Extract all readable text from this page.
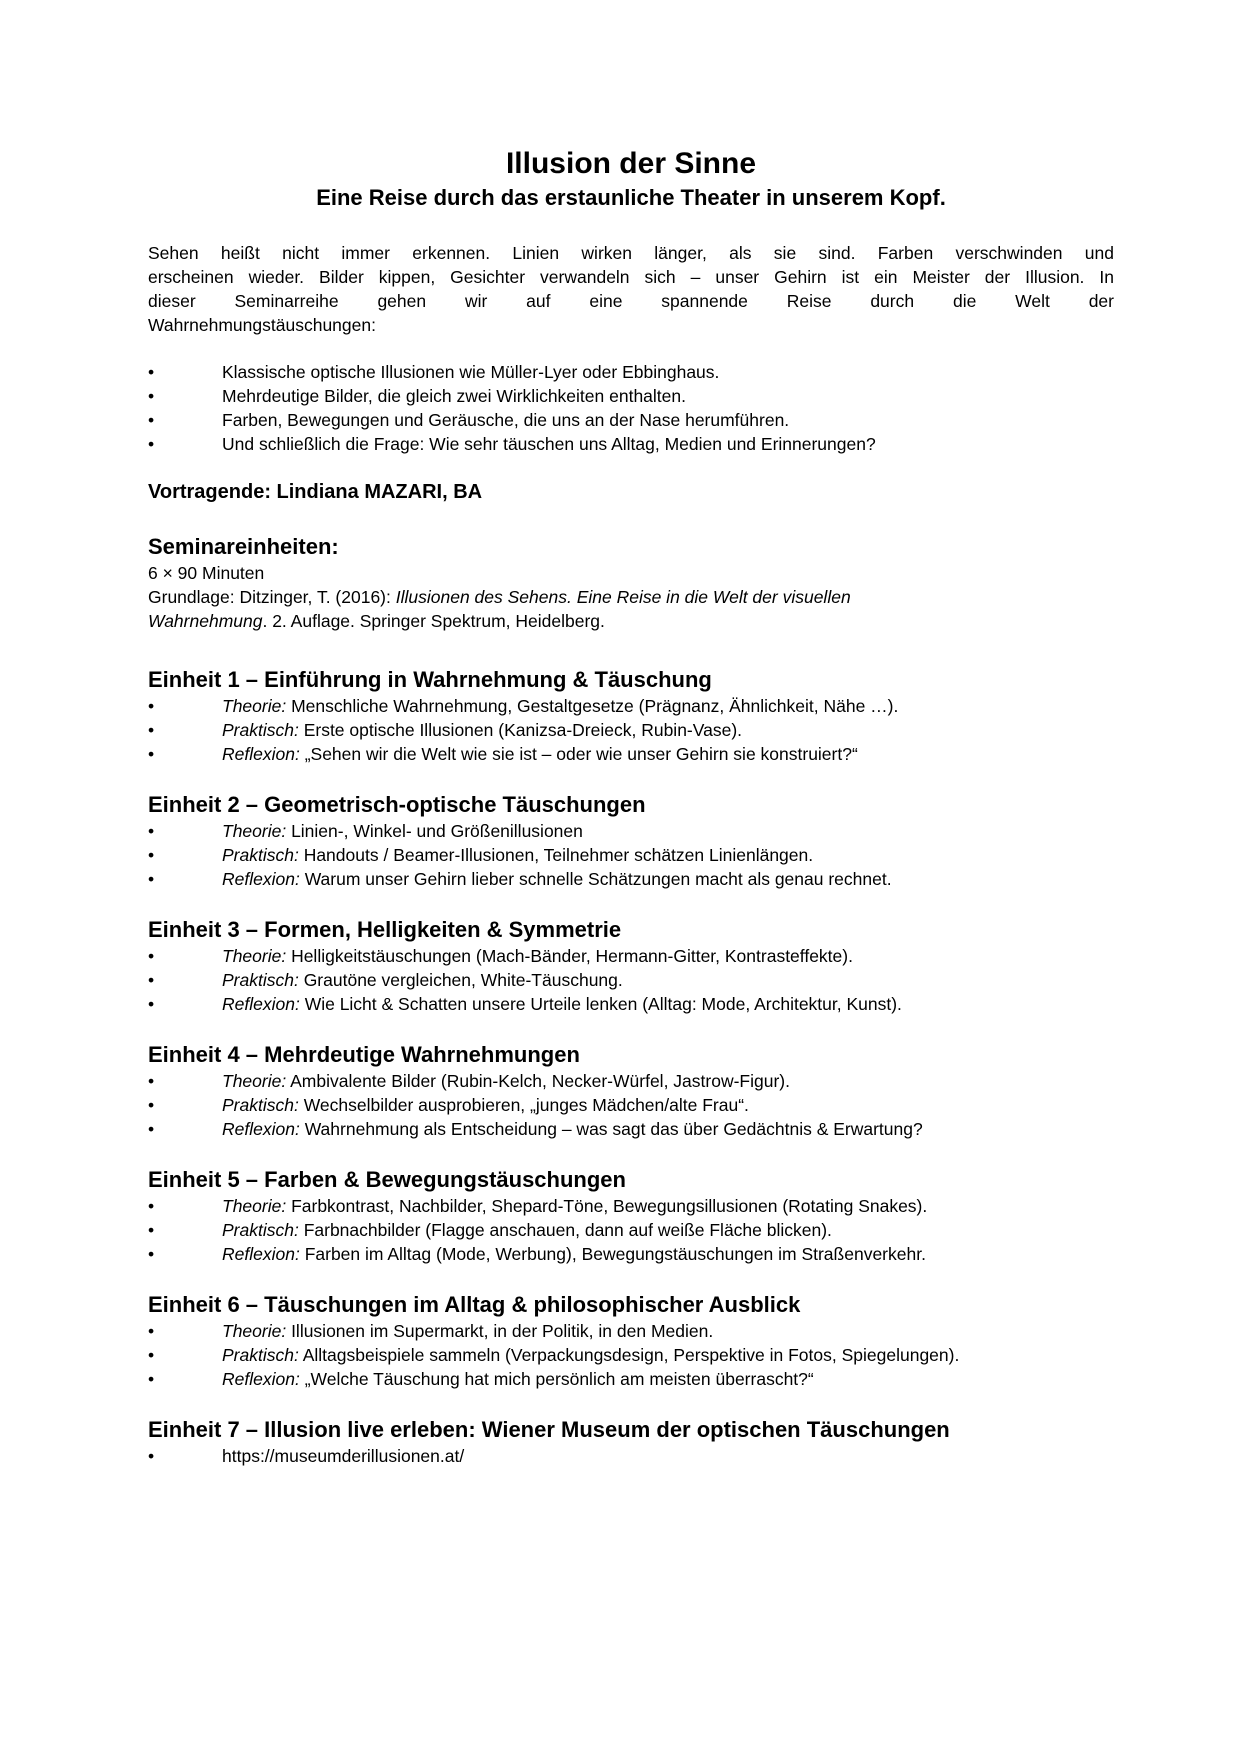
Illusion der Sinne
Eine Reise durch das erstaunliche Theater in unserem Kopf.
Sehen heißt nicht immer erkennen. Linien wirken länger, als sie sind. Farben verschwinden und
erscheinen wieder. Bilder kippen, Gesichter verwandeln sich – unser Gehirn ist ein Meister der Illusion. In
dieser Seminarreihe gehen wir auf eine spannende Reise durch die Welt der
Wahrnehmungstäuschungen:
•	Klassische optische Illusionen wie Müller-Lyer oder Ebbinghaus.
•	Mehrdeutige Bilder, die gleich zwei Wirklichkeiten enthalten.
•	Farben, Bewegungen und Geräusche, die uns an der Nase herumführen.
•	Und schließlich die Frage: Wie sehr täuschen uns Alltag, Medien und Erinnerungen?

Vortragende: Lindiana MAZARI, BA

Seminareinheiten:

6 × 90 Minuten

Grundlage: Ditzinger, T. (2016): Illusionen des Sehens. Eine Reise in die Welt der visuellen
Wahrnehmung. 2. Auflage. Springer Spektrum, Heidelberg.

Einheit 1 – Einführung in Wahrnehmung & Täuschung
•	Theorie: Menschliche Wahrnehmung, Gestaltgesetze (Prägnanz, Ähnlichkeit, Nähe …).
•	Praktisch: Erste optische Illusionen (Kanizsa-Dreieck, Rubin-Vase).
•	Reflexion: „Sehen wir die Welt wie sie ist – oder wie unser Gehirn sie konstruiert?“
Einheit 2 – Geometrisch-optische Täuschungen
•	Theorie: Linien-, Winkel- und Größenillusionen
•	Praktisch: Handouts / Beamer-Illusionen, Teilnehmer schätzen Linienlängen.
•	Reflexion: Warum unser Gehirn lieber schnelle Schätzungen macht als genau rechnet.
Einheit 3 – Formen, Helligkeiten & Symmetrie
•	Theorie: Helligkeitstäuschungen (Mach-Bänder, Hermann-Gitter, Kontrasteffekte).
•	Praktisch: Grautöne vergleichen, White-Täuschung.
•	Reflexion: Wie Licht & Schatten unsere Urteile lenken (Alltag: Mode, Architektur, Kunst).
Einheit 4 – Mehrdeutige Wahrnehmungen
•	Theorie: Ambivalente Bilder (Rubin-Kelch, Necker-Würfel, Jastrow-Figur).
•	Praktisch: Wechselbilder ausprobieren, „junges Mädchen/alte Frau“.
•	Reflexion: Wahrnehmung als Entscheidung – was sagt das über Gedächtnis & Erwartung?
Einheit 5 – Farben & Bewegungstäuschungen
•	Theorie: Farbkontrast, Nachbilder, Shepard-Töne, Bewegungsillusionen (Rotating Snakes).
•	Praktisch: Farbnachbilder (Flagge anschauen, dann auf weiße Fläche blicken).
•	Reflexion: Farben im Alltag (Mode, Werbung), Bewegungstäuschungen im Straßenverkehr.
Einheit 6 – Täuschungen im Alltag & philosophischer Ausblick
•	Theorie: Illusionen im Supermarkt, in der Politik, in den Medien.
•	Praktisch: Alltagsbeispiele sammeln (Verpackungsdesign, Perspektive in Fotos, Spiegelungen).
•	Reflexion: „Welche Täuschung hat mich persönlich am meisten überrascht?“
Einheit 7 – Illusion live erleben: Wiener Museum der optischen Täuschungen
•	https://museumderillusionen.at/
